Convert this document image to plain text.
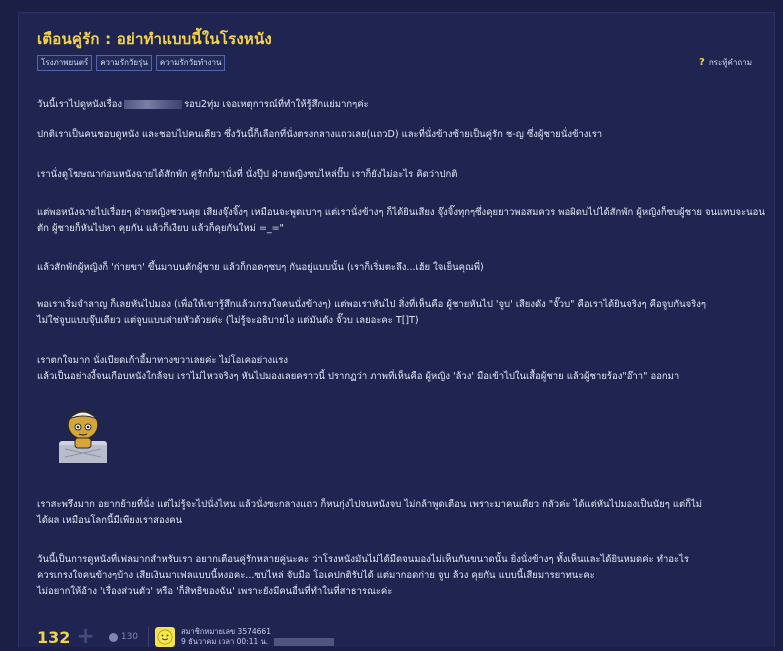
เตือนคู่รัก : อย่าทำแบบนี้ในโรงหนัง
โรงภาพยนตร์	ความรักวัยรุ่น	ความรักวัยทำงาน	? กระทู้คำถาม

วันนี้เราไปดูหนังเรื่อง	รอบ2ทุ่ม เจอเหตุการณ์ที่ทำให้รู้สึกแย่มากๆค่ะ

ปกติเราเป็นคนชอบดูหนัง และชอบไปคนเดียว ซึ่งวันนี้ก็เลือกที่นั่งตรงกลางแถวเลย(แถวD) และที่นั่งข้างซ้ายเป็นคู่รัก ช-ญ ซึ่งผู้ชายนั่งข้างเรา

เรานั่งดูโฆษณาก่อนหนังฉายได้สักพัก คู่รักก็มานั่งที่ นั่งปุ๊ป ฝ่ายหญิงซบไหล่ปั๊บ เราก็ยังไม่อะไร คิดว่าปกติ

แต่พอหนังฉายไปเรื่อยๆ ฝ่ายหญิงชวนคุย เสียงจุ๊งจิ๊งๆ เหมือนจะพูดเบาๆ แต่เรานั่งข้างๆ ก็ได้ยินเสียง จุ๊งจิ๊งทุกๆซึ่งคุยยาวพอสมควร พอผิดบไปได้สักพัก ผู้หญิงก็ซบผู้ชาย จนแทบจะนอนตัก ผู้ชายก็หันไปหา คุยกัน แล้วก็เงียบ แล้วก็คุยกันใหม่ =_="

แล้วสักพักผู้หญิงก็ 'ก่ายขา' ขึ้นมาบนตักผู้ชาย แล้วก็กอดๆซบๆ กันอยู่แบบนั้น (เราก็เริ่มตะลึง...เฮ้ย ใจเย็นคุณพี่)

พอเราเริ่มจำลาญ ก็เลยหันไปมอง (เพื่อให้เขารู้สึกแล้วเกรงใจคนนั่งข้างๆ) แต่พอเราหันไป สิ่งที่เห็นคือ ผู้ชายหันไป 'จูบ' เสียงดัง "จั๊วบ" คือเราได้ยินจริงๆ คือจูบกันจริงๆ
ไม่ใช่จูบแบบจุ๊บเดียว แต่จูบแบบส่ายหัวด้วยค่ะ (ไม่รู้จะอธิบายไง แต่มันดัง จั๊วบ เลยอะคะ T[]T)

เราตกใจมาก นั่งเบียดเก้าอี้มาทางขวาเลยค่ะ ไม่โอเคอย่างแรง
แล้วเป็นอย่างงี้จนเกือบหนังใกล้จบ เราไม่ไหวจริงๆ หันไปมองเลยคราวนี้ ปรากฏว่า ภาพที่เห็นคือ ผู้หญิง 'ล้วง' มือเข้าไปในเสื้อผู้ชาย แล้วผู้ชายร้อง"อ๊าา" ออกมา

เราสะพรึงมาก อยากย้ายที่นั่ง แต่ไม่รู้จะไปนั่งไหน แล้วนั่งซะกลางแถว ก็หนกุ่งไปจนหนังจบ ไม่กล้าพูดเตือน เพราะมาคนเดียว กลัวค่ะ ได้แต่หันไปมองเป็นนัยๆ แต่ก็ไม่
ได้ผล เหมือนโลกนี้มีเพียงเราสองคน

วันนี้เป็นการดูหนังที่เฟลมากสำหรับเรา อยากเตือนคู่รักหลายคู่นะคะ ว่าโรงหนังมันไม่ได้มืดจนมองไม่เห็นกันขนาดนั้น ยิ่งนั่งข้างๆ ทั้งเห็นและได้ยินหมดค่ะ ทำอะไร
ควรเกรงใจคนข้างๆบ้าง เสียเงินมาเฟลแบบนี้หงอคะ...ซบไหล่ จับมือ โอเคปกติรับได้ แต่มากอดก่าย จูบ ล้วง คุยกัน แบบนี้เสียมารยาทนะคะ
ไม่อยากให้อ้าง 'เรื่องส่วนตัว' หรือ 'ก็สิทธิของฉัน' เพราะยังมีคนอื่นที่ทำในที่สาธารณะค่ะ

132 +	130
สมาชิกหมายเลข 3574661
9 ธันวาคม เวลา 00:11 น.
